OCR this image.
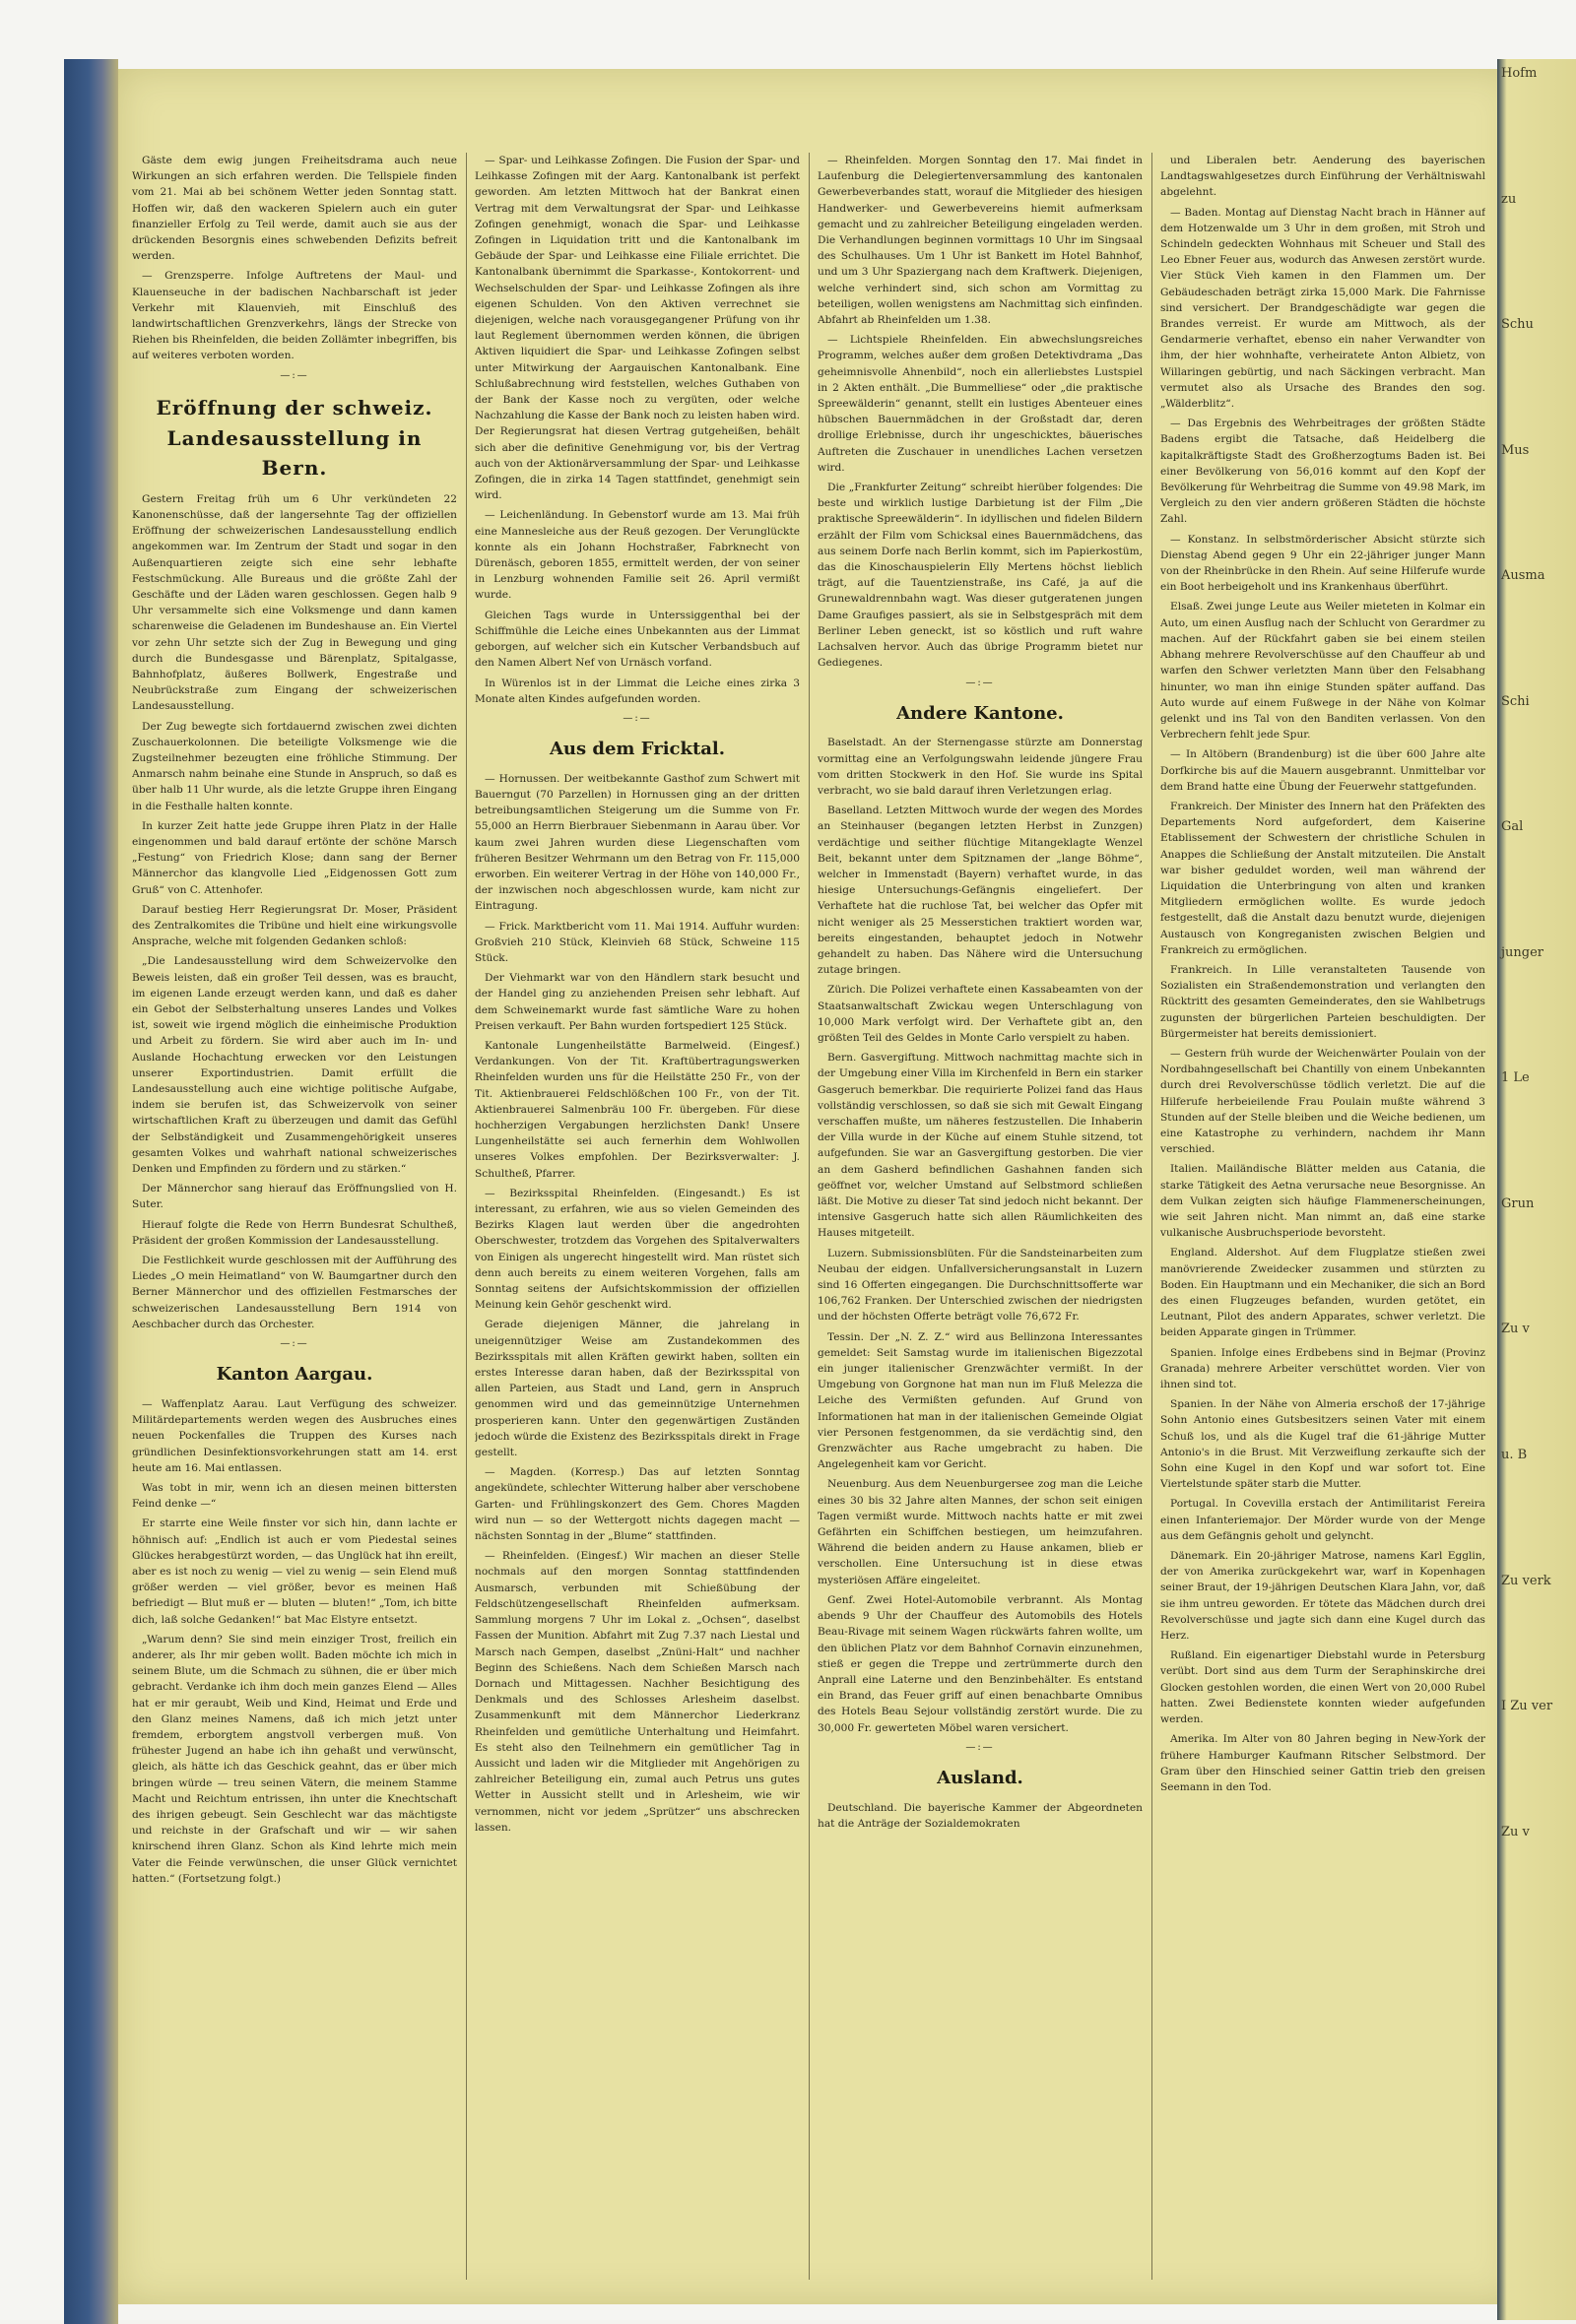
Gäste dem ewig jungen Freiheitsdrama auch neue Wirkungen an sich erfahren werden. Die Tellspiele finden vom 21. Mai ab bei schönem Wetter jeden Sonntag statt. Hoffen wir, daß den wackeren Spielern auch ein guter finanzieller Erfolg zu Teil werde, damit auch sie aus der drückenden Besorgnis eines schwebenden Defizits befreit werden.

— Grenzsperre. Infolge Auftretens der Maul- und Klauenseuche in der badischen Nachbarschaft ist jeder Verkehr mit Klauenvieh, mit Einschluß des landwirtschaftlichen Grenzverkehrs, längs der Strecke von Riehen bis Rheinfelden, die beiden Zollämter inbegriffen, bis auf weiteres verboten worden.

—:—
Eröffnung der schweiz. Landesausstellung in Bern.

Gestern Freitag früh um 6 Uhr verkündeten 22 Kanonenschüsse, daß der langersehnte Tag der offiziellen Eröffnung der schweizerischen Landesausstellung endlich angekommen war. Im Zentrum der Stadt und sogar in den Außenquartieren zeigte sich eine sehr lebhafte Festschmückung. Alle Bureaus und die größte Zahl der Geschäfte und der Läden waren geschlossen. Gegen halb 9 Uhr versammelte sich eine Volksmenge und dann kamen scharenweise die Geladenen im Bundeshause an. Ein Viertel vor zehn Uhr setzte sich der Zug in Bewegung und ging durch die Bundesgasse und Bärenplatz, Spitalgasse, Bahnhofplatz, äußeres Bollwerk, Engestraße und Neubrückstraße zum Eingang der schweizerischen Landesausstellung.

Der Zug bewegte sich fortdauernd zwischen zwei dichten Zuschauerkolonnen. Die beteiligte Volksmenge wie die Zugsteilnehmer bezeugten eine fröhliche Stimmung. Der Anmarsch nahm beinahe eine Stunde in Anspruch, so daß es über halb 11 Uhr wurde, als die letzte Gruppe ihren Eingang in die Festhalle halten konnte.

In kurzer Zeit hatte jede Gruppe ihren Platz in der Halle eingenommen und bald darauf ertönte der schöne Marsch „Festung“ von Friedrich Klose; dann sang der Berner Männerchor das klangvolle Lied „Eidgenossen Gott zum Gruß“ von C. Attenhofer.

Darauf bestieg Herr Regierungsrat Dr. Moser, Präsident des Zentralkomites die Tribüne und hielt eine wirkungsvolle Ansprache, welche mit folgenden Gedanken schloß:

„Die Landesausstellung wird dem Schweizervolke den Beweis leisten, daß ein großer Teil dessen, was es braucht, im eigenen Lande erzeugt werden kann, und daß es daher ein Gebot der Selbsterhaltung unseres Landes und Volkes ist, soweit wie irgend möglich die einheimische Produktion und Arbeit zu fördern. Sie wird aber auch im In- und Auslande Hochachtung erwecken vor den Leistungen unserer Exportindustrien. Damit erfüllt die Landesausstellung auch eine wichtige politische Aufgabe, indem sie berufen ist, das Schweizervolk von seiner wirtschaftlichen Kraft zu überzeugen und damit das Gefühl der Selbständigkeit und Zusammengehörigkeit unseres gesamten Volkes und wahrhaft national schweizerisches Denken und Empfinden zu fördern und zu stärken.“

Der Männerchor sang hierauf das Eröffnungslied von H. Suter.

Hierauf folgte die Rede von Herrn Bundesrat Schultheß, Präsident der großen Kommission der Landesausstellung.

Die Festlichkeit wurde geschlossen mit der Aufführung des Liedes „O mein Heimatland“ von W. Baumgartner durch den Berner Männerchor und des offiziellen Festmarsches der schweizerischen Landesausstellung Bern 1914 von Aeschbacher durch das Orchester.

—:—
Kanton Aargau.

— Waffenplatz Aarau. Laut Verfügung des schweizer. Militärdepartements werden wegen des Ausbruches eines neuen Pockenfalles die Truppen des Kurses nach gründlichen Desinfektionsvorkehrungen statt am 14. erst heute am 16. Mai entlassen.

Was tobt in mir, wenn ich an diesen meinen bittersten Feind denke —“

Er starrte eine Weile finster vor sich hin, dann lachte er höhnisch auf: „Endlich ist auch er vom Piedestal seines Glückes herabgestürzt worden, — das Unglück hat ihn ereilt, aber es ist noch zu wenig — viel zu wenig — sein Elend muß größer werden — viel größer, bevor es meinen Haß befriedigt — Blut muß er — bluten — bluten!“ „Tom, ich bitte dich, laß solche Gedanken!“ bat Mac Elstyre entsetzt.

„Warum denn? Sie sind mein einziger Trost, freilich ein anderer, als Ihr mir geben wollt. Baden möchte ich mich in seinem Blute, um die Schmach zu sühnen, die er über mich gebracht. Verdanke ich ihm doch mein ganzes Elend — Alles hat er mir geraubt, Weib und Kind, Heimat und Erde und den Glanz meines Namens, daß ich mich jetzt unter fremdem, erborgtem angstvoll verbergen muß. Von frühester Jugend an habe ich ihn gehaßt und verwünscht, gleich, als hätte ich das Geschick geahnt, das er über mich bringen würde — treu seinen Vätern, die meinem Stamme Macht und Reichtum entrissen, ihn unter die Knechtschaft des ihrigen gebeugt. Sein Geschlecht war das mächtigste und reichste in der Grafschaft und wir — wir sahen knirschend ihren Glanz. Schon als Kind lehrte mich mein Vater die Feinde verwünschen, die unser Glück vernichtet hatten.“ (Fortsetzung folgt.)

— Spar- und Leihkasse Zofingen. Die Fusion der Spar- und Leihkasse Zofingen mit der Aarg. Kantonalbank ist perfekt geworden. Am letzten Mittwoch hat der Bankrat einen Vertrag mit dem Verwaltungsrat der Spar- und Leihkasse Zofingen genehmigt, wonach die Spar- und Leihkasse Zofingen in Liquidation tritt und die Kantonalbank im Gebäude der Spar- und Leihkasse eine Filiale errichtet. Die Kantonalbank übernimmt die Sparkasse-, Kontokorrent- und Wechselschulden der Spar- und Leihkasse Zofingen als ihre eigenen Schulden. Von den Aktiven verrechnet sie diejenigen, welche nach vorausgegangener Prüfung von ihr laut Reglement übernommen werden können, die übrigen Aktiven liquidiert die Spar- und Leihkasse Zofingen selbst unter Mitwirkung der Aargauischen Kantonalbank. Eine Schlußabrechnung wird feststellen, welches Guthaben von der Bank der Kasse noch zu vergüten, oder welche Nachzahlung die Kasse der Bank noch zu leisten haben wird. Der Regierungsrat hat diesen Vertrag gutgeheißen, behält sich aber die definitive Genehmigung vor, bis der Vertrag auch von der Aktionärversammlung der Spar- und Leihkasse Zofingen, die in zirka 14 Tagen stattfindet, genehmigt sein wird.

— Leichenländung. In Gebenstorf wurde am 13. Mai früh eine Mannesleiche aus der Reuß gezogen. Der Verunglückte konnte als ein Johann Hochstraßer, Fabrknecht von Dürenäsch, geboren 1855, ermittelt werden, der von seiner in Lenzburg wohnenden Familie seit 26. April vermißt wurde.

Gleichen Tags wurde in Unterssiggenthal bei der Schiffmühle die Leiche eines Unbekannten aus der Limmat geborgen, auf welcher sich ein Kutscher Verbandsbuch auf den Namen Albert Nef von Urnäsch vorfand.

In Würenlos ist in der Limmat die Leiche eines zirka 3 Monate alten Kindes aufgefunden worden.

—:—
Aus dem Fricktal.

— Hornussen. Der weitbekannte Gasthof zum Schwert mit Bauerngut (70 Parzellen) in Hornussen ging an der dritten betreibungsamtlichen Steigerung um die Summe von Fr. 55,000 an Herrn Bierbrauer Siebenmann in Aarau über. Vor kaum zwei Jahren wurden diese Liegenschaften vom früheren Besitzer Wehrmann um den Betrag von Fr. 115,000 erworben. Ein weiterer Vertrag in der Höhe von 140,000 Fr., der inzwischen noch abgeschlossen wurde, kam nicht zur Eintragung.

— Frick. Marktbericht vom 11. Mai 1914. Auffuhr wurden: Großvieh 210 Stück, Kleinvieh 68 Stück, Schweine 115 Stück.

Der Viehmarkt war von den Händlern stark besucht und der Handel ging zu anziehenden Preisen sehr lebhaft. Auf dem Schweinemarkt wurde fast sämtliche Ware zu hohen Preisen verkauft. Per Bahn wurden fortspediert 125 Stück.

Kantonale Lungenheilstätte Barmelweid. (Eingesf.) Verdankungen. Von der Tit. Kraftübertragungswerken Rheinfelden wurden uns für die Heilstätte 250 Fr., von der Tit. Aktienbrauerei Feldschlößchen 100 Fr., von der Tit. Aktienbrauerei Salmenbräu 100 Fr. übergeben. Für diese hochherzigen Vergabungen herzlichsten Dank! Unsere Lungenheilstätte sei auch fernerhin dem Wohlwollen unseres Volkes empfohlen. Der Bezirksverwalter: J. Schultheß, Pfarrer.

— Bezirksspital Rheinfelden. (Eingesandt.) Es ist interessant, zu erfahren, wie aus so vielen Gemeinden des Bezirks Klagen laut werden über die angedrohten Oberschwester, trotzdem das Vorgehen des Spitalverwalters von Einigen als ungerecht hingestellt wird. Man rüstet sich denn auch bereits zu einem weiteren Vorgehen, falls am Sonntag seitens der Aufsichtskommission der offiziellen Meinung kein Gehör geschenkt wird.

Gerade diejenigen Männer, die jahrelang in uneigennütziger Weise am Zustandekommen des Bezirksspitals mit allen Kräften gewirkt haben, sollten ein erstes Interesse daran haben, daß der Bezirksspital von allen Parteien, aus Stadt und Land, gern in Anspruch genommen wird und das gemeinnützige Unternehmen prosperieren kann. Unter den gegenwärtigen Zuständen jedoch würde die Existenz des Bezirksspitals direkt in Frage gestellt.

— Magden. (Korresp.) Das auf letzten Sonntag angekündete, schlechter Witterung halber aber verschobene Garten- und Frühlingskonzert des Gem. Chores Magden wird nun — so der Wettergott nichts dagegen macht — nächsten Sonntag in der „Blume“ stattfinden.

— Rheinfelden. (Eingesf.) Wir machen an dieser Stelle nochmals auf den morgen Sonntag stattfindenden Ausmarsch, verbunden mit Schießübung der Feldschützengesellschaft Rheinfelden aufmerksam. Sammlung morgens 7 Uhr im Lokal z. „Ochsen“, daselbst Fassen der Munition. Abfahrt mit Zug 7.37 nach Liestal und Marsch nach Gempen, daselbst „Znüni-Halt“ und nachher Beginn des Schießens. Nach dem Schießen Marsch nach Dornach und Mittagessen. Nachher Besichtigung des Denkmals und des Schlosses Arlesheim daselbst. Zusammenkunft mit dem Männerchor Liederkranz Rheinfelden und gemütliche Unterhaltung und Heimfahrt. Es steht also den Teilnehmern ein gemütlicher Tag in Aussicht und laden wir die Mitglieder mit Angehörigen zu zahlreicher Beteiligung ein, zumal auch Petrus uns gutes Wetter in Aussicht stellt und in Arlesheim, wie wir vernommen, nicht vor jedem „Sprützer“ uns abschrecken lassen.

— Rheinfelden. Morgen Sonntag den 17. Mai findet in Laufenburg die Delegiertenversammlung des kantonalen Gewerbeverbandes statt, worauf die Mitglieder des hiesigen Handwerker- und Gewerbevereins hiemit aufmerksam gemacht und zu zahlreicher Beteiligung eingeladen werden. Die Verhandlungen beginnen vormittags 10 Uhr im Singsaal des Schulhauses. Um 1 Uhr ist Bankett im Hotel Bahnhof, und um 3 Uhr Spaziergang nach dem Kraftwerk. Diejenigen, welche verhindert sind, sich schon am Vormittag zu beteiligen, wollen wenigstens am Nachmittag sich einfinden. Abfahrt ab Rheinfelden um 1.38.

— Lichtspiele Rheinfelden. Ein abwechslungsreiches Programm, welches außer dem großen Detektivdrama „Das geheimnisvolle Ahnenbild“, noch ein allerliebstes Lustspiel in 2 Akten enthält. „Die Bummelliese“ oder „die praktische Spreewälderin“ genannt, stellt ein lustiges Abenteuer eines hübschen Bauernmädchen in der Großstadt dar, deren drollige Erlebnisse, durch ihr ungeschicktes, bäuerisches Auftreten die Zuschauer in unendliches Lachen versetzen wird.

Die „Frankfurter Zeitung“ schreibt hierüber folgendes: Die beste und wirklich lustige Darbietung ist der Film „Die praktische Spreewälderin“. In idyllischen und fidelen Bildern erzählt der Film vom Schicksal eines Bauernmädchens, das aus seinem Dorfe nach Berlin kommt, sich im Papierkostüm, das die Kinoschauspielerin Elly Mertens höchst lieblich trägt, auf die Tauentzienstraße, ins Café, ja auf die Grunewaldrennbahn wagt. Was dieser gutgeratenen jungen Dame Graufiges passiert, als sie in Selbstgespräch mit dem Berliner Leben geneckt, ist so köstlich und ruft wahre Lachsalven hervor. Auch das übrige Programm bietet nur Gediegenes.

—:—
Andere Kantone.

Baselstadt. An der Sternengasse stürzte am Donnerstag vormittag eine an Verfolgungswahn leidende jüngere Frau vom dritten Stockwerk in den Hof. Sie wurde ins Spital verbracht, wo sie bald darauf ihren Verletzungen erlag.

Baselland. Letzten Mittwoch wurde der wegen des Mordes an Steinhauser (begangen letzten Herbst in Zunzgen) verdächtige und seither flüchtige Mitangeklagte Wenzel Beit, bekannt unter dem Spitznamen der „lange Böhme“, welcher in Immenstadt (Bayern) verhaftet wurde, in das hiesige Untersuchungs-Gefängnis eingeliefert. Der Verhaftete hat die ruchlose Tat, bei welcher das Opfer mit nicht weniger als 25 Messerstichen traktiert worden war, bereits eingestanden, behauptet jedoch in Notwehr gehandelt zu haben. Das Nähere wird die Untersuchung zutage bringen.

Zürich. Die Polizei verhaftete einen Kassabeamten von der Staatsanwaltschaft Zwickau wegen Unterschlagung von 10,000 Mark verfolgt wird. Der Verhaftete gibt an, den größten Teil des Geldes in Monte Carlo verspielt zu haben.

Bern. Gasvergiftung. Mittwoch nachmittag machte sich in der Umgebung einer Villa im Kirchenfeld in Bern ein starker Gasgeruch bemerkbar. Die requirierte Polizei fand das Haus vollständig verschlossen, so daß sie sich mit Gewalt Eingang verschaffen mußte, um näheres festzustellen. Die Inhaberin der Villa wurde in der Küche auf einem Stuhle sitzend, tot aufgefunden. Sie war an Gasvergiftung gestorben. Die vier an dem Gasherd befindlichen Gashahnen fanden sich geöffnet vor, welcher Umstand auf Selbstmord schließen läßt. Die Motive zu dieser Tat sind jedoch nicht bekannt. Der intensive Gasgeruch hatte sich allen Räumlichkeiten des Hauses mitgeteilt.

Luzern. Submissionsblüten. Für die Sandsteinarbeiten zum Neubau der eidgen. Unfallversicherungsanstalt in Luzern sind 16 Offerten eingegangen. Die Durchschnittsofferte war 106,762 Franken. Der Unterschied zwischen der niedrigsten und der höchsten Offerte beträgt volle 76,672 Fr.

Tessin. Der „N. Z. Z.“ wird aus Bellinzona Interessantes gemeldet: Seit Samstag wurde im italienischen Bigezzotal ein junger italienischer Grenzwächter vermißt. In der Umgebung von Gorgnone hat man nun im Fluß Melezza die Leiche des Vermißten gefunden. Auf Grund von Informationen hat man in der italienischen Gemeinde Olgiat vier Personen festgenommen, da sie verdächtig sind, den Grenzwächter aus Rache umgebracht zu haben. Die Angelegenheit kam vor Gericht.

Neuenburg. Aus dem Neuenburgersee zog man die Leiche eines 30 bis 32 Jahre alten Mannes, der schon seit einigen Tagen vermißt wurde. Mittwoch nachts hatte er mit zwei Gefährten ein Schiffchen bestiegen, um heimzufahren. Während die beiden andern zu Hause ankamen, blieb er verschollen. Eine Untersuchung ist in diese etwas mysteriösen Affäre eingeleitet.

Genf. Zwei Hotel-Automobile verbrannt. Als Montag abends 9 Uhr der Chauffeur des Automobils des Hotels Beau-Rivage mit seinem Wagen rückwärts fahren wollte, um den üblichen Platz vor dem Bahnhof Cornavin einzunehmen, stieß er gegen die Treppe und zertrümmerte durch den Anprall eine Laterne und den Benzinbehälter. Es entstand ein Brand, das Feuer griff auf einen benachbarte Omnibus des Hotels Beau Sejour vollständig zerstört wurde. Die zu 30,000 Fr. gewerteten Möbel waren versichert.

—:—
Ausland.

Deutschland. Die bayerische Kammer der Abgeordneten hat die Anträge der Sozialdemokraten

und Liberalen betr. Aenderung des bayerischen Landtagswahlgesetzes durch Einführung der Verhältniswahl abgelehnt.

— Baden. Montag auf Dienstag Nacht brach in Hänner auf dem Hotzenwalde um 3 Uhr in dem großen, mit Stroh und Schindeln gedeckten Wohnhaus mit Scheuer und Stall des Leo Ebner Feuer aus, wodurch das Anwesen zerstört wurde. Vier Stück Vieh kamen in den Flammen um. Der Gebäudeschaden beträgt zirka 15,000 Mark. Die Fahrnisse sind versichert. Der Brandgeschädigte war gegen die Brandes verreist. Er wurde am Mittwoch, als der Gendarmerie verhaftet, ebenso ein naher Verwandter von ihm, der hier wohnhafte, verheiratete Anton Albietz, von Willaringen gebürtig, und nach Säckingen verbracht. Man vermutet also als Ursache des Brandes den sog. „Wälderblitz“.

— Das Ergebnis des Wehrbeitrages der größten Städte Badens ergibt die Tatsache, daß Heidelberg die kapitalkräftigste Stadt des Großherzogtums Baden ist. Bei einer Bevölkerung von 56,016 kommt auf den Kopf der Bevölkerung für Wehrbeitrag die Summe von 49.98 Mark, im Vergleich zu den vier andern größeren Städten die höchste Zahl.

— Konstanz. In selbstmörderischer Absicht stürzte sich Dienstag Abend gegen 9 Uhr ein 22-jähriger junger Mann von der Rheinbrücke in den Rhein. Auf seine Hilferufe wurde ein Boot herbeigeholt und ins Krankenhaus überführt.

Elsaß. Zwei junge Leute aus Weiler mieteten in Kolmar ein Auto, um einen Ausflug nach der Schlucht von Gerardmer zu machen. Auf der Rückfahrt gaben sie bei einem steilen Abhang mehrere Revolverschüsse auf den Chauffeur ab und warfen den Schwer verletzten Mann über den Felsabhang hinunter, wo man ihn einige Stunden später auffand. Das Auto wurde auf einem Fußwege in der Nähe von Kolmar gelenkt und ins Tal von den Banditen verlassen. Von den Verbrechern fehlt jede Spur.

— In Altöbern (Brandenburg) ist die über 600 Jahre alte Dorfkirche bis auf die Mauern ausgebrannt. Unmittelbar vor dem Brand hatte eine Übung der Feuerwehr stattgefunden.

Frankreich. Der Minister des Innern hat den Präfekten des Departements Nord aufgefordert, dem Kaiserine Etablissement der Schwestern der christliche Schulen in Anappes die Schließung der Anstalt mitzuteilen. Die Anstalt war bisher geduldet worden, weil man während der Liquidation die Unterbringung von alten und kranken Mitgliedern ermöglichen wollte. Es wurde jedoch festgestellt, daß die Anstalt dazu benutzt wurde, diejenigen Austausch von Kongreganisten zwischen Belgien und Frankreich zu ermöglichen.

Frankreich. In Lille veranstalteten Tausende von Sozialisten ein Straßendemonstration und verlangten den Rücktritt des gesamten Gemeinderates, den sie Wahlbetrugs zugunsten der bürgerlichen Parteien beschuldigten. Der Bürgermeister hat bereits demissioniert.

— Gestern früh wurde der Weichenwärter Poulain von der Nordbahngesellschaft bei Chantilly von einem Unbekannten durch drei Revolverschüsse tödlich verletzt. Die auf die Hilferufe herbeieilende Frau Poulain mußte während 3 Stunden auf der Stelle bleiben und die Weiche bedienen, um eine Katastrophe zu verhindern, nachdem ihr Mann verschied.

Italien. Mailändische Blätter melden aus Catania, die starke Tätigkeit des Aetna verursache neue Besorgnisse. An dem Vulkan zeigten sich häufige Flammenerscheinungen, wie seit Jahren nicht. Man nimmt an, daß eine starke vulkanische Ausbruchsperiode bevorsteht.

England. Aldershot. Auf dem Flugplatze stießen zwei manövrierende Zweidecker zusammen und stürzten zu Boden. Ein Hauptmann und ein Mechaniker, die sich an Bord des einen Flugzeuges befanden, wurden getötet, ein Leutnant, Pilot des andern Apparates, schwer verletzt. Die beiden Apparate gingen in Trümmer.

Spanien. Infolge eines Erdbebens sind in Bejmar (Provinz Granada) mehrere Arbeiter verschüttet worden. Vier von ihnen sind tot.

Spanien. In der Nähe von Almeria erschoß der 17-jährige Sohn Antonio eines Gutsbesitzers seinen Vater mit einem Schuß los, und als die Kugel traf die 61-jährige Mutter Antonio's in die Brust. Mit Verzweiflung zerkaufte sich der Sohn eine Kugel in den Kopf und war sofort tot. Eine Viertelstunde später starb die Mutter.

Portugal. In Covevilla erstach der Antimilitarist Fereira einen Infanteriemajor. Der Mörder wurde von der Menge aus dem Gefängnis geholt und gelyncht.

Dänemark. Ein 20-jähriger Matrose, namens Karl Egglin, der von Amerika zurückgekehrt war, warf in Kopenhagen seiner Braut, der 19-jährigen Deutschen Klara Jahn, vor, daß sie ihm untreu geworden. Er tötete das Mädchen durch drei Revolverschüsse und jagte sich dann eine Kugel durch das Herz.

Rußland. Ein eigenartiger Diebstahl wurde in Petersburg verübt. Dort sind aus dem Turm der Seraphinskirche drei Glocken gestohlen worden, die einen Wert von 20,000 Rubel hatten. Zwei Bedienstete konnten wieder aufgefunden werden.

Amerika. Im Alter von 80 Jahren beging in New-York der frühere Hamburger Kaufmann Ritscher Selbstmord. Der Gram über den Hinschied seiner Gattin trieb den greisen Seemann in den Tod.

Hofm
zu
Schu
Mus
Ausma
Schi
Gal
junger
1 Le
Grun
Zu v
u. B
Zu verk
I Zu ver
Zu v
